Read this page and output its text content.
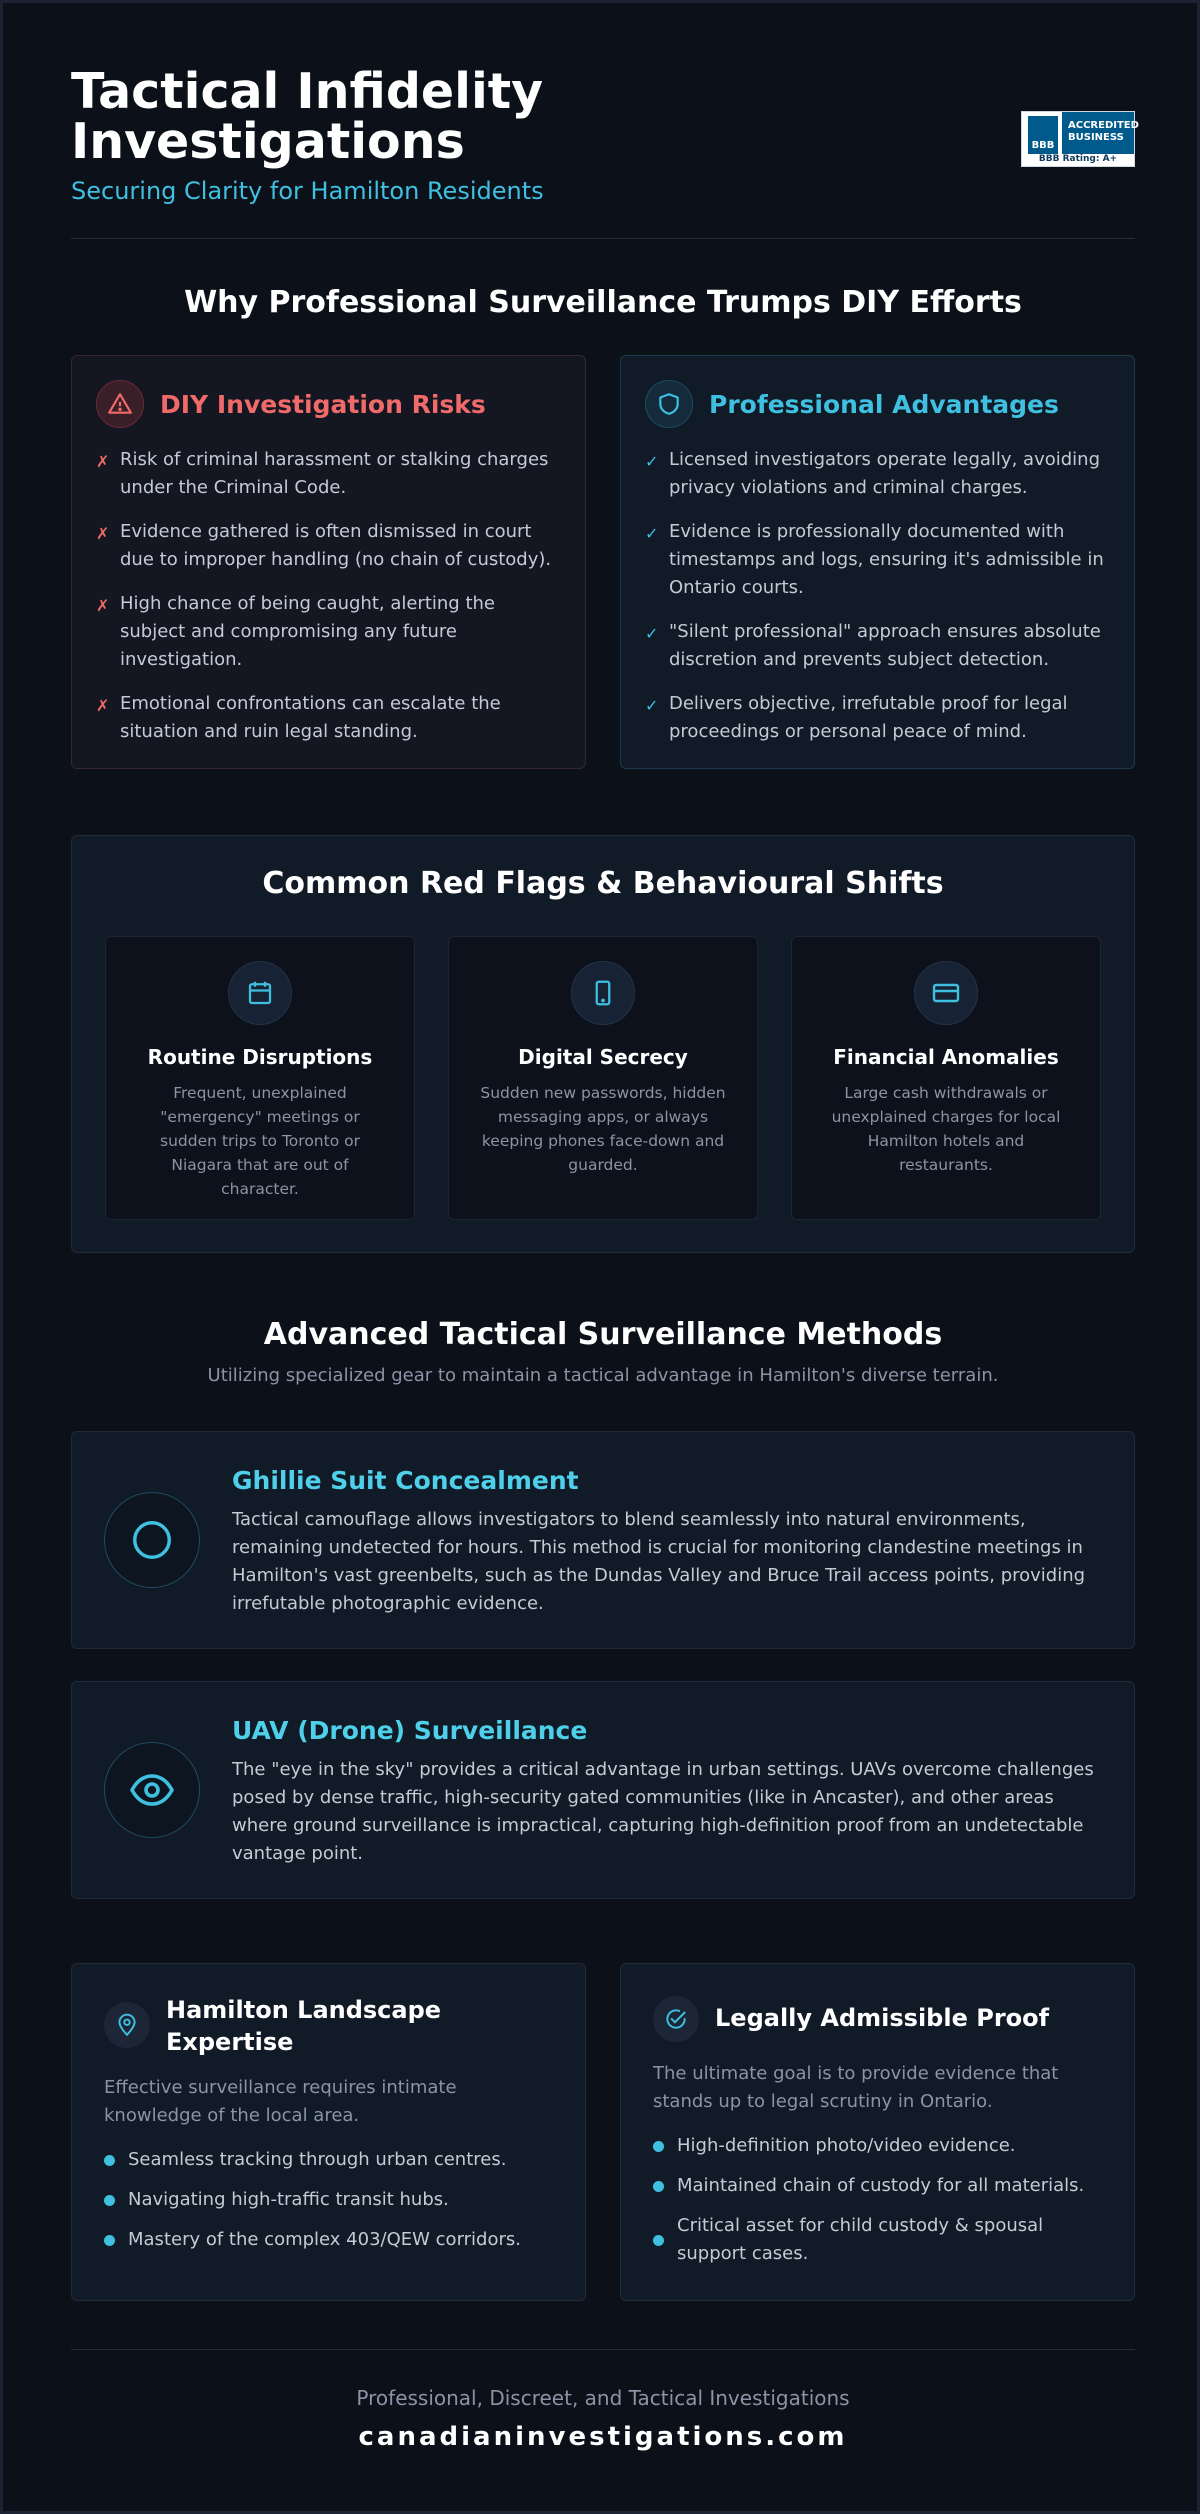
Tactical Infidelity Investigations
Securing Clarity for Hamilton Residents
BBB
ACCREDITED
BUSINESS
BBB Rating: A+
Why Professional Surveillance Trumps DIY Efforts
DIY Investigation Risks
✗ Risk of criminal harassment or stalking charges under the Criminal Code.
✗ Evidence gathered is often dismissed in court due to improper handling (no chain of custody).
✗ High chance of being caught, alerting the subject and compromising any future investigation.
✗ Emotional confrontations can escalate the situation and ruin legal standing.
Professional Advantages
✓ Licensed investigators operate legally, avoiding privacy violations and criminal charges.
✓ Evidence is professionally documented with timestamps and logs, ensuring it's admissible in Ontario courts.
✓ "Silent professional" approach ensures absolute discretion and prevents subject detection.
✓ Delivers objective, irrefutable proof for legal proceedings or personal peace of mind.
Common Red Flags & Behavioural Shifts
Routine Disruptions

Frequent, unexplained "emergency" meetings or sudden trips to Toronto or Niagara that are out of character.

Digital Secrecy

Sudden new passwords, hidden messaging apps, or always keeping phones face-down and guarded.

Financial Anomalies

Large cash withdrawals or unexplained charges for local Hamilton hotels and restaurants.

Advanced Tactical Surveillance Methods
Utilizing specialized gear to maintain a tactical advantage in Hamilton's diverse terrain.
Ghillie Suit Concealment

Tactical camouflage allows investigators to blend seamlessly into natural environments, remaining undetected for hours. This method is crucial for monitoring clandestine meetings in Hamilton's vast greenbelts, such as the Dundas Valley and Bruce Trail access points, providing irrefutable photographic evidence.

UAV (Drone) Surveillance

The "eye in the sky" provides a critical advantage in urban settings. UAVs overcome challenges posed by dense traffic, high-security gated communities (like in Ancaster), and other areas where ground surveillance is impractical, capturing high-definition proof from an undetectable vantage point.

Hamilton Landscape Expertise
Effective surveillance requires intimate knowledge of the local area.
Seamless tracking through urban centres.
Navigating high-traffic transit hubs.
Mastery of the complex 403/QEW corridors.
Legally Admissible Proof
The ultimate goal is to provide evidence that stands up to legal scrutiny in Ontario.
High-definition photo/video evidence.
Maintained chain of custody for all materials.
Critical asset for child custody & spousal support cases.
Professional, Discreet, and Tactical Investigations
canadianinvestigations.com
